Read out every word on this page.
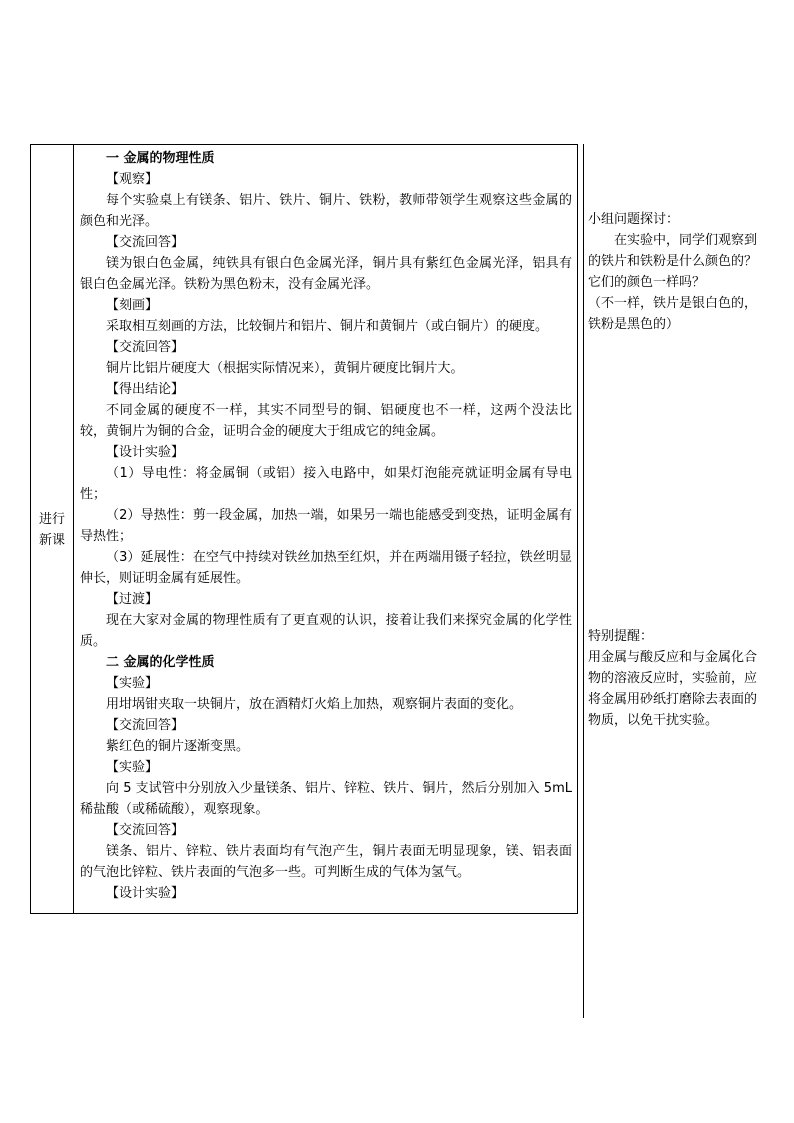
进行
新课

一 金属的物理性质

【观察】

每个实验桌上有镁条、铝片、铁片、铜片、铁粉，教师带领学生观察这些金属的颜色和光泽。

【交流回答】

镁为银白色金属，纯铁具有银白色金属光泽，铜片具有紫红色金属光泽，铝具有银白色金属光泽。铁粉为黑色粉末，没有金属光泽。

【刻画】

采取相互刻画的方法，比较铜片和铝片、铜片和黄铜片（或白铜片）的硬度。

【交流回答】

铜片比铝片硬度大（根据实际情况来），黄铜片硬度比铜片大。

【得出结论】

不同金属的硬度不一样，其实不同型号的铜、铝硬度也不一样，这两个没法比较，黄铜片为铜的合金，证明合金的硬度大于组成它的纯金属。

【设计实验】

（1）导电性：将金属铜（或铝）接入电路中，如果灯泡能亮就证明金属有导电性；

（2）导热性：剪一段金属，加热一端，如果另一端也能感受到变热，证明金属有导热性；

（3）延展性：在空气中持续对铁丝加热至红炽，并在两端用镊子轻拉，铁丝明显伸长，则证明金属有延展性。

【过渡】

现在大家对金属的物理性质有了更直观的认识，接着让我们来探究金属的化学性质。

二 金属的化学性质

【实验】

用坩埚钳夹取一块铜片，放在酒精灯火焰上加热，观察铜片表面的变化。

【交流回答】

紫红色的铜片逐渐变黑。

【实验】

向 5 支试管中分别放入少量镁条、铝片、锌粒、铁片、铜片，然后分别加入 5mL 稀盐酸（或稀硫酸），观察现象。

【交流回答】

镁条、铝片、锌粒、铁片表面均有气泡产生，铜片表面无明显现象，镁、铝表面的气泡比锌粒、铁片表面的气泡多一些。可判断生成的气体为氢气。

【设计实验】

小组问题探讨：

在实验中，同学们观察到的铁片和铁粉是什么颜色的？它们的颜色一样吗？

（不一样，铁片是银白色的，铁粉是黑色的）

特别提醒：

用金属与酸反应和与金属化合物的溶液反应时，实验前，应将金属用砂纸打磨除去表面的物质，以免干扰实验。
